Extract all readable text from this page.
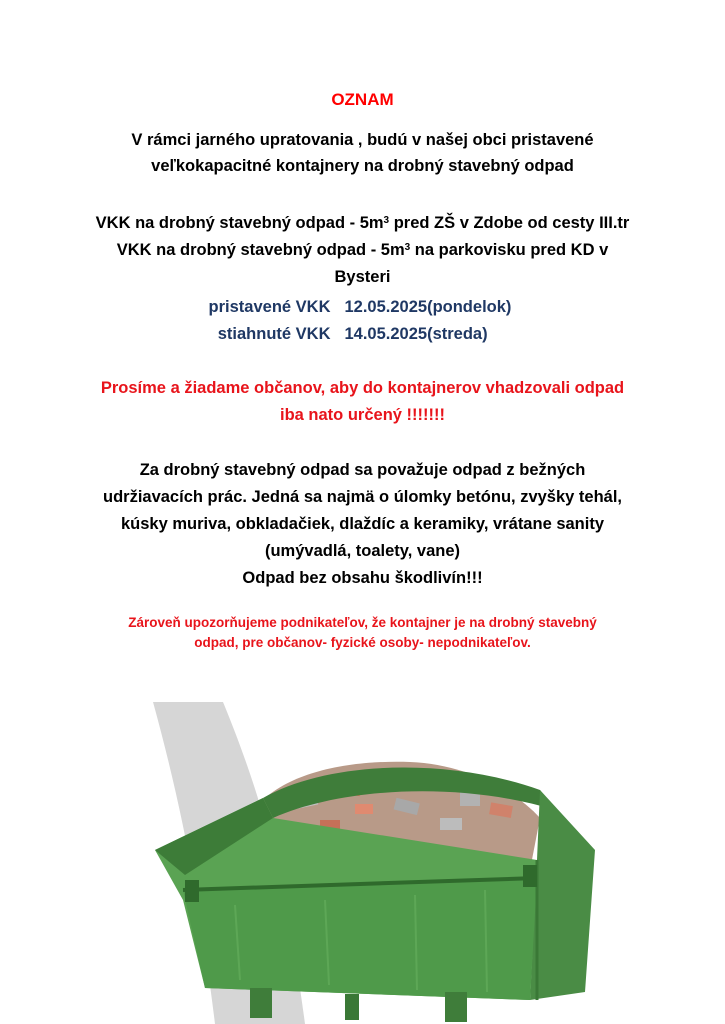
OZNAM
V rámci jarného upratovania , budú v našej obci pristavené
veľkokapacitné kontajnery na drobný stavebný odpad
VKK na drobný stavebný odpad - $5m^3$ pred ZŠ v Zdobe od cesty III.tr
VKK na drobný stavebný odpad - $5m^3$ na parkovisku pred KD v
Bysteri
pristavené VKK 12.05.2025(pondelok)
stiahnuté VKK 14.05.2025(streda)
Prosíme a žiadame občanov, aby do kontajnerov vhadzovali odpad
iba nato určený !!!!!!!
Za drobný stavebný odpad sa považuje odpad z bežných
udržiavacích prác. Jedná sa najmä o úlomky betónu, zvyšky tehál,
kúsky muriva, obkladačiek, dlaždíc a keramiky, vrátane sanity
(umývadlá, toalety, vane)
Odpad bez obsahu škodlivín!!!
Zároveň upozorňujeme podnikateľov, že kontajner je na drobný stavebný
odpad, pre občanov- fyzické osoby- nepodnikateľov.
